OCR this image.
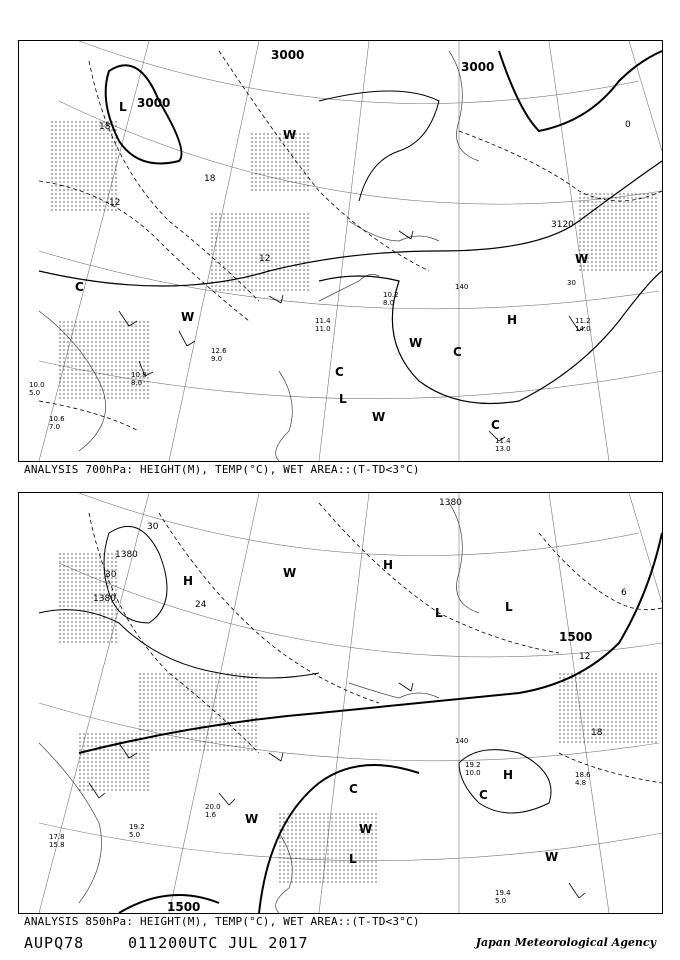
3000
3000
3000
3120
18
18
12
12
0
L
L
H
C
C
C
C
W
W
W
W
W
30
140
11.2
14.0
11.4
13.0
11.4
11.0
10.8
8.0
12.6
9.0
10.6
7.0
10.0
5.0
10.2
8.0
ANALYSIS 700hPa: HEIGHT(M), TEMP(°C), WET AREA::(T-TD<3°C)
1380
1380
1380
1500
1500
30
30
24
18
12
6
H
H
H
L	L
L
C	C
W
W
W
W
140
19.2
10.0	18.6
4.8
19.4
5.0
20.0
1.6
19.2
5.0
17.8
15.8
ANALYSIS 850hPa: HEIGHT(M), TEMP(°C), WET AREA::(T-TD<3°C)
AUPQ78	011200UTC JUL 2017	Japan Meteorological Agency
